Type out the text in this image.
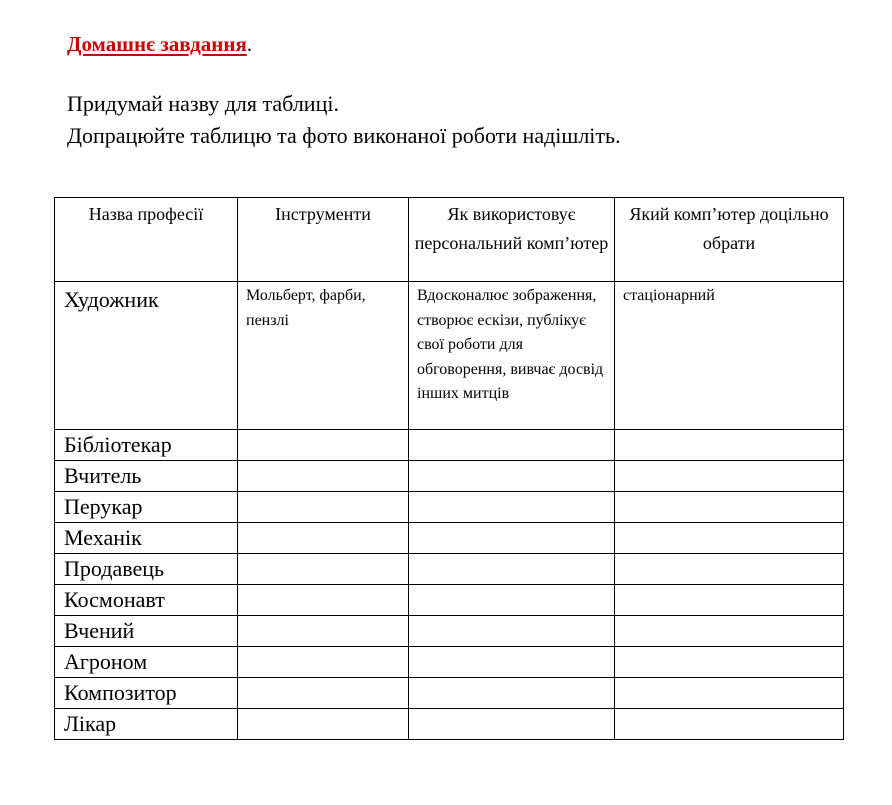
Домашнє завдання.
Придумай назву для таблиці.
Допрацюйте таблицю та фото виконаної роботи надішліть.
Назва професії	Інструменти	Як використовує персональний комп’ютер	Який комп’ютер доцільно обрати
Художник	Мольберт, фарби, пензлі	Вдосконалює зображення, створює ескізи, публікує свої роботи для обговорення, вивчає досвід інших митців	стаціонарний
Бібліотекар			
Вчитель			
Перукар			
Механік			
Продавець			
Космонавт			
Вчений			
Агроном			
Композитор			
Лікар			
